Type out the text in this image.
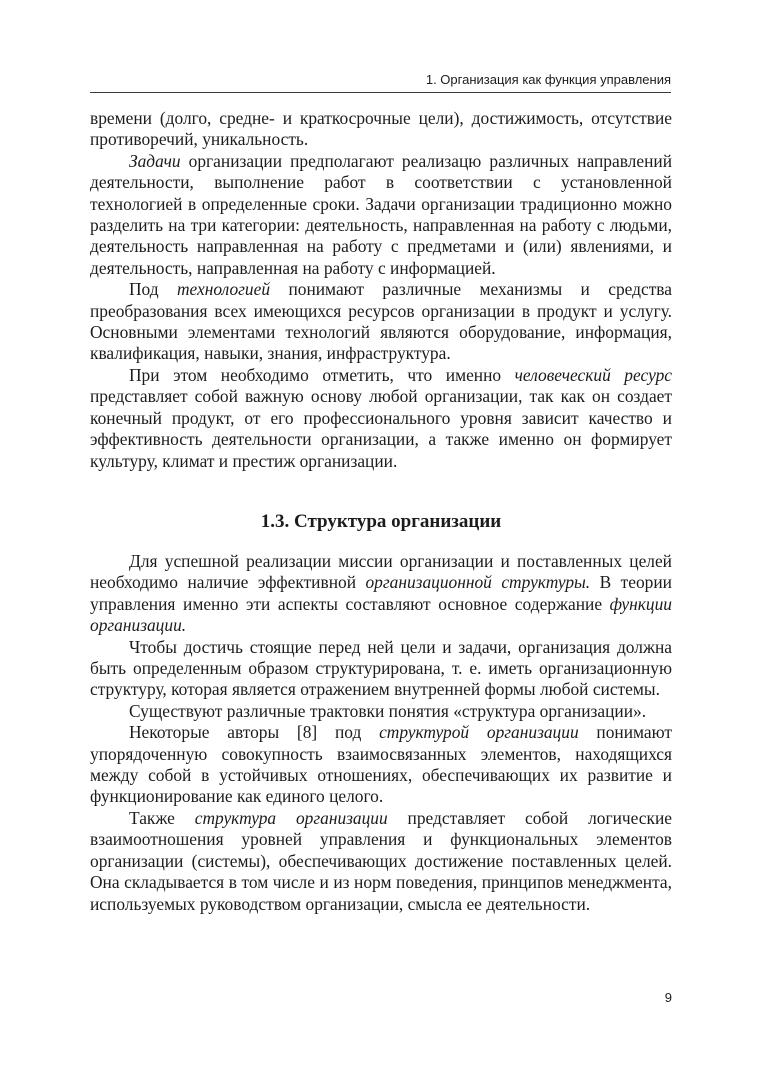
1. Организация как функция управления

времени (долго, средне- и краткосрочные цели), достижимость, отсутствие противоречий, уникальность.

Задачи организации предполагают реализацю различных направлений деятельности, выполнение работ в соответствии с установленной технологией в определенные сроки. Задачи организации традиционно можно разделить на три категории: деятельность, направленная на работу с людьми, деятельность направленная на работу с предметами и (или) явлениями, и деятельность, направленная на работу с информацией.

Под технологией понимают различные механизмы и средства преобразования всех имеющихся ресурсов организации в продукт и услугу. Основными элементами технологий являются оборудование, информация, квалификация, навыки, знания, инфраструктура.

При этом необходимо отметить, что именно человеческий ресурс представляет собой важную основу любой организации, так как он создает конечный продукт, от его профессионального уровня зависит качество и эффективность деятельности организации, а также именно он формирует культуру, климат и престиж организации.

1.3. Структура организации

Для успешной реализации миссии организации и поставленных целей необходимо наличие эффективной организационной структуры. В теории управления именно эти аспекты составляют основное содержание функции организации.

Чтобы достичь стоящие перед ней цели и задачи, организация должна быть определенным образом структурирована, т. е. иметь организационную структуру, которая является отражением внутренней формы любой системы.

Существуют различные трактовки понятия «структура организации».

Некоторые авторы [8] под структурой организации понимают упорядоченную совокупность взаимосвязанных элементов, находящихся между собой в устойчивых отношениях, обеспечивающих их развитие и функционирование как единого целого.

Также структура организации представляет собой логические взаимоотношения уровней управления и функциональных элементов организации (системы), обеспечивающих достижение поставленных целей. Она складывается в том числе и из норм поведения, принципов менеджмента, используемых руководством организации, смысла ее деятельности.

9
